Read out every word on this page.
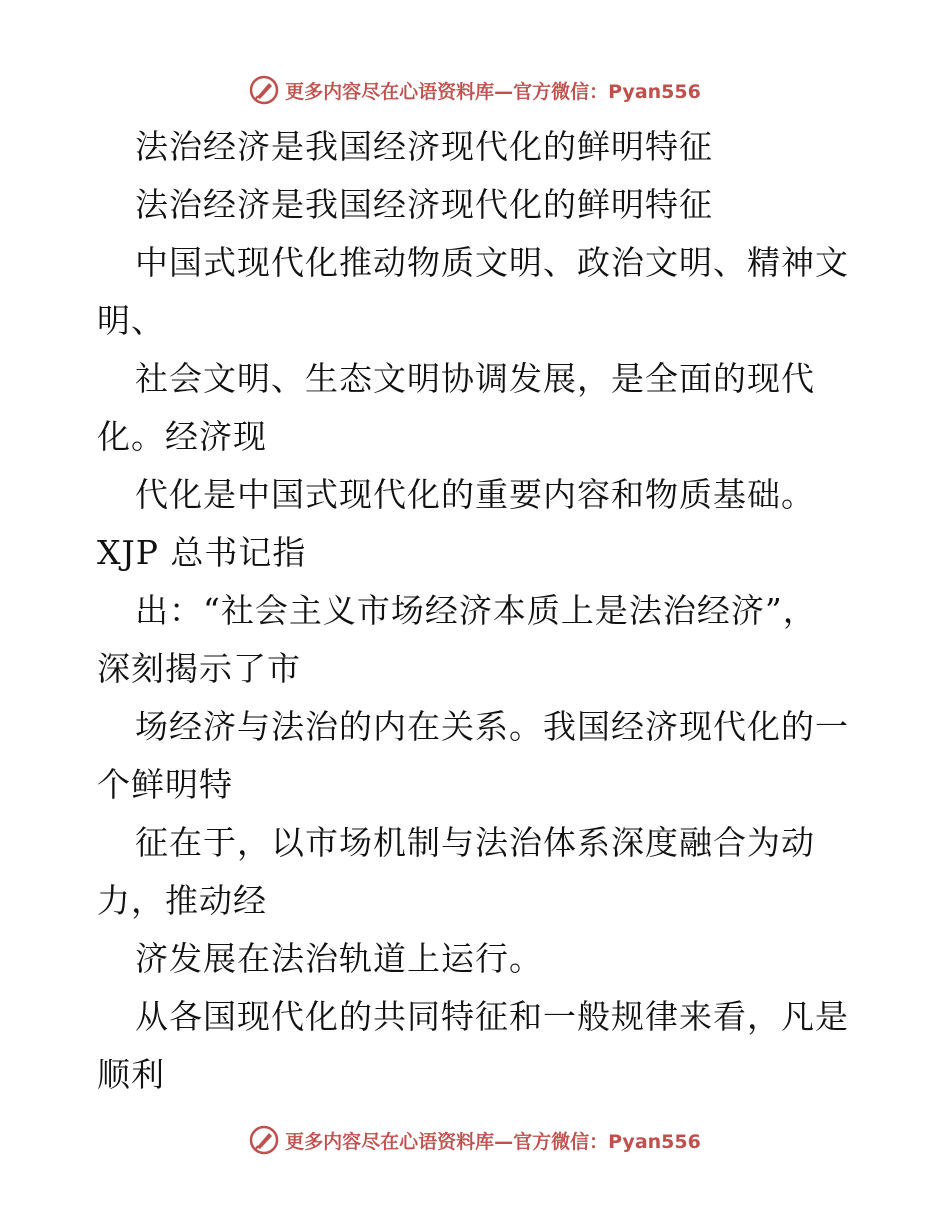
更多内容尽在心语资料库—官方微信：Pyan556
法治经济是我国经济现代化的鲜明特征
法治经济是我国经济现代化的鲜明特征
中国式现代化推动物质文明、政治文明、精神文
明、
社会文明、生态文明协调发展，是全面的现代
化。经济现
代化是中国式现代化的重要内容和物质基础。
XJP 总书记指
出：“社会主义市场经济本质上是法治经济”，
深刻揭示了市
场经济与法治的内在关系。我国经济现代化的一
个鲜明特
征在于，以市场机制与法治体系深度融合为动
力，推动经
济发展在法治轨道上运行。
从各国现代化的共同特征和一般规律来看，凡是
顺利
更多内容尽在心语资料库—官方微信：Pyan556
